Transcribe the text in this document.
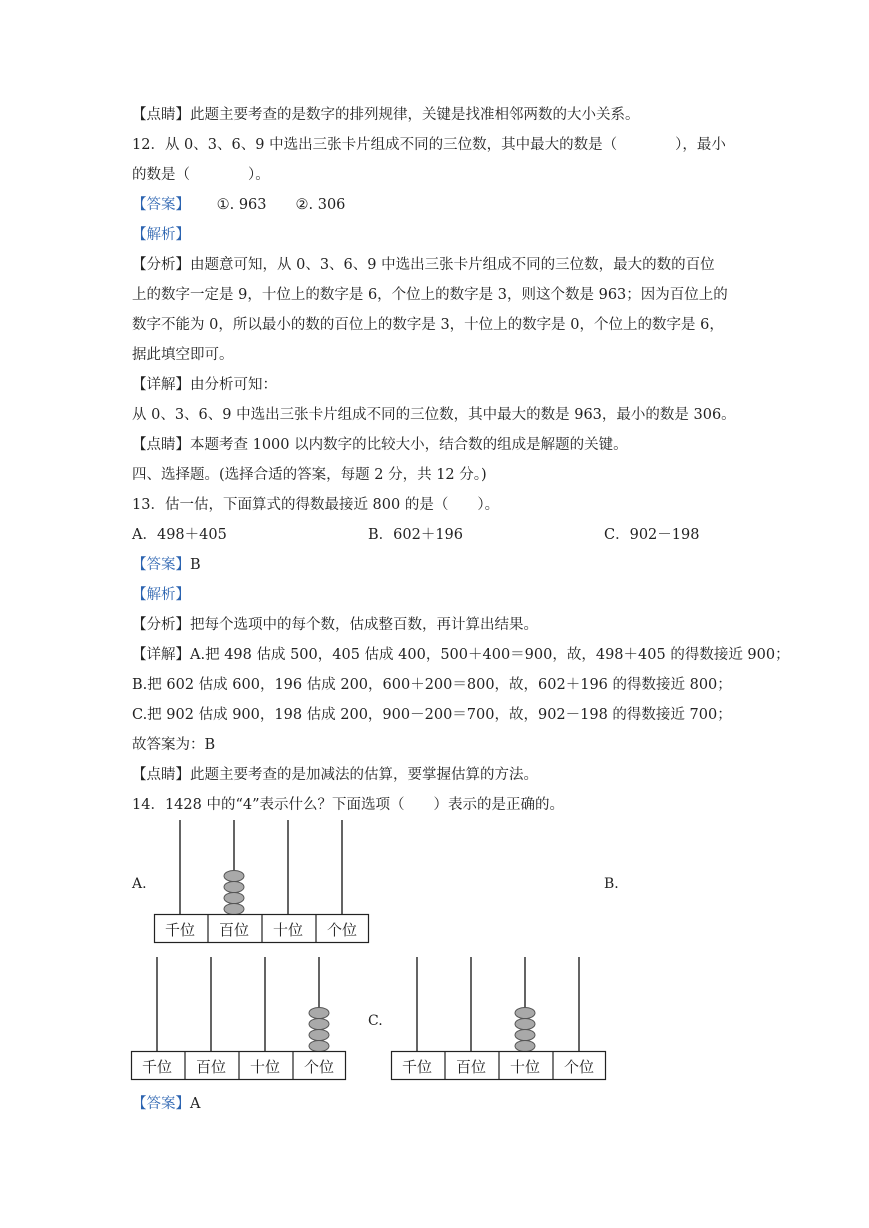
【点睛】此题主要考查的是数字的排列规律，关键是找准相邻两数的大小关系。
12．从 0、3、6、9 中选出三张卡片组成不同的三位数，其中最大的数是（　　　　），最小
的数是（　　　　）。
【答案】 ①. 963　　②. 306
【解析】
【分析】由题意可知，从 0、3、6、9 中选出三张卡片组成不同的三位数，最大的数的百位
上的数字一定是 9，十位上的数字是 6，个位上的数字是 3，则这个数是 963；因为百位上的
数字不能为 0，所以最小的数的百位上的数字是 3，十位上的数字是 0，个位上的数字是 6，
据此填空即可。
【详解】由分析可知：
从 0、3、6、9 中选出三张卡片组成不同的三位数，其中最大的数是 963，最小的数是 306。
【点睛】本题考查 1000 以内数字的比较大小，结合数的组成是解题的关键。
四、选择题。(选择合适的答案，每题 2 分，共 12 分。)
13．估一估，下面算式的得数最接近 800 的是（　　）。
A．498＋405	B．602＋196	C．902－198
【答案】B
【解析】
【分析】把每个选项中的每个数，估成整百数，再计算出结果。
【详解】A.把 498 估成 500，405 估成 400，500＋400＝900，故，498＋405 的得数接近 900；
B.把 602 估成 600，196 估成 200，600＋200＝800，故，602＋196 的得数接近 800；
C.把 902 估成 900，198 估成 200，900－200＝700，故，902－198 的得数接近 700；
故答案为：B
【点睛】此题主要考查的是加减法的估算，要掌握估算的方法。
14．1428 中的“4”表示什么？下面选项（　　）表示的是正确的。
A.	B.
C.
千位 百位 十位 个位
千位 百位 十位 个位	千位 百位 十位 个位
【答案】A
